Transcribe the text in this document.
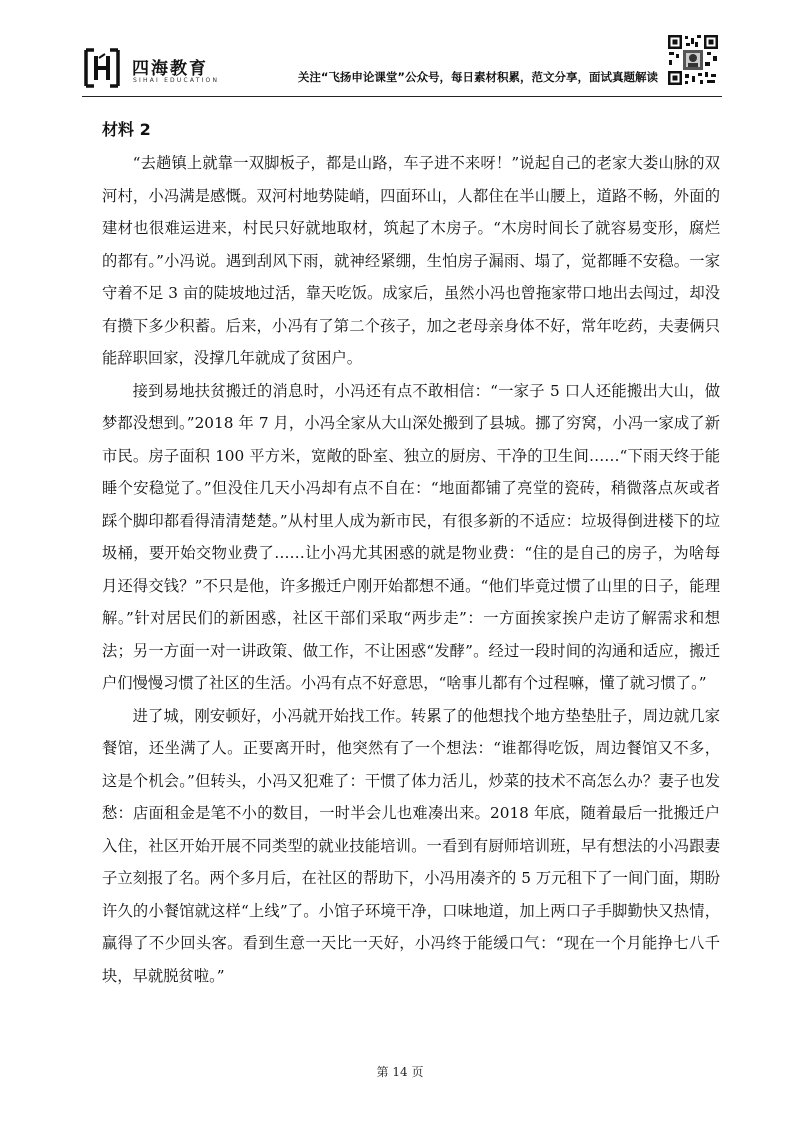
四海教育
SIHAI EDUCATION	关注“飞扬申论课堂”公众号，每日素材积累，范文分享，面试真题解读
材料 2

“去趟镇上就靠一双脚板子，都是山路，车子进不来呀！”说起自己的老家大娄山脉的双河村，小冯满是感慨。双河村地势陡峭，四面环山，人都住在半山腰上，道路不畅，外面的建材也很难运进来，村民只好就地取材，筑起了木房子。“木房时间长了就容易变形，腐烂的都有。”小冯说。遇到刮风下雨，就神经紧绷，生怕房子漏雨、塌了，觉都睡不安稳。一家守着不足 3 亩的陡坡地过活，靠天吃饭。成家后，虽然小冯也曾拖家带口地出去闯过，却没有攒下多少积蓄。后来，小冯有了第二个孩子，加之老母亲身体不好，常年吃药，夫妻俩只能辞职回家，没撑几年就成了贫困户。

接到易地扶贫搬迁的消息时，小冯还有点不敢相信：“一家子 5 口人还能搬出大山，做梦都没想到。”2018 年 7 月，小冯全家从大山深处搬到了县城。挪了穷窝，小冯一家成了新市民。房子面积 100 平方米，宽敞的卧室、独立的厨房、干净的卫生间……“下雨天终于能睡个安稳觉了。”但没住几天小冯却有点不自在：“地面都铺了亮堂的瓷砖，稍微落点灰或者踩个脚印都看得清清楚楚。”从村里人成为新市民，有很多新的不适应：垃圾得倒进楼下的垃圾桶，要开始交物业费了……让小冯尤其困惑的就是物业费：“住的是自己的房子，为啥每月还得交钱？”不只是他，许多搬迁户刚开始都想不通。“他们毕竟过惯了山里的日子，能理解。”针对居民们的新困惑，社区干部们采取“两步走”：一方面挨家挨户走访了解需求和想法；另一方面一对一讲政策、做工作，不让困惑“发酵”。经过一段时间的沟通和适应，搬迁户们慢慢习惯了社区的生活。小冯有点不好意思，“啥事儿都有个过程嘛，懂了就习惯了。”

进了城，刚安顿好，小冯就开始找工作。转累了的他想找个地方垫垫肚子，周边就几家餐馆，还坐满了人。正要离开时，他突然有了一个想法：“谁都得吃饭，周边餐馆又不多，这是个机会。”但转头，小冯又犯难了：干惯了体力活儿，炒菜的技术不高怎么办？妻子也发愁：店面租金是笔不小的数目，一时半会儿也难凑出来。2018 年底，随着最后一批搬迁户入住，社区开始开展不同类型的就业技能培训。一看到有厨师培训班，早有想法的小冯跟妻子立刻报了名。两个多月后，在社区的帮助下，小冯用凑齐的 5 万元租下了一间门面，期盼许久的小餐馆就这样“上线”了。小馆子环境干净，口味地道，加上两口子手脚勤快又热情，赢得了不少回头客。看到生意一天比一天好，小冯终于能缓口气：“现在一个月能挣七八千块，早就脱贫啦。”

第 14 页
